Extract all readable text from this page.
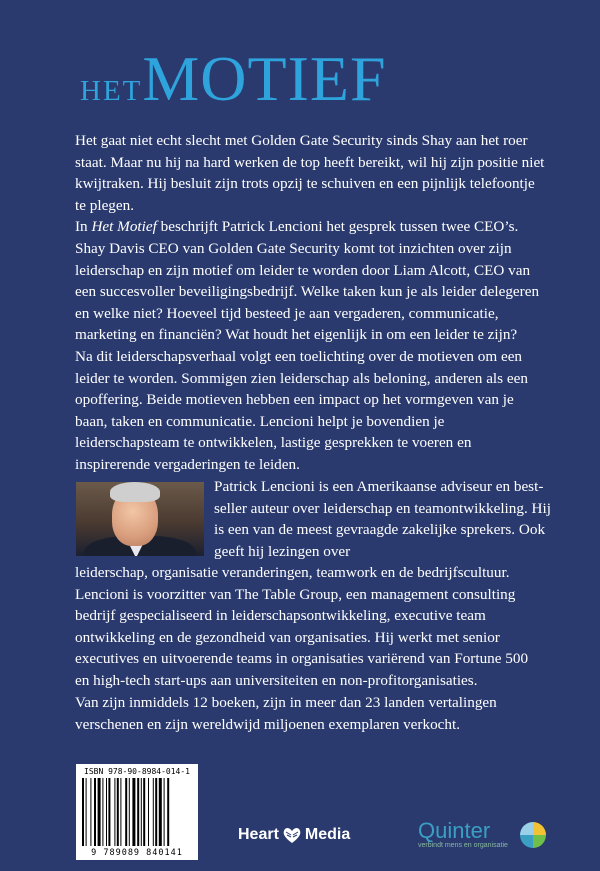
HETMOTIEF
Het gaat niet echt slecht met Golden Gate Security sinds Shay aan het roer staat. Maar nu hij na hard werken de top heeft bereikt, wil hij zijn positie niet kwijtraken. Hij besluit zijn trots opzij te schuiven en een pijnlijk telefoontje te plegen.
In Het Motief beschrijft Patrick Lencioni het gesprek tussen twee CEO’s. Shay Davis CEO van Golden Gate Security komt tot inzichten over zijn leiderschap en zijn motief om leider te worden door Liam Alcott, CEO van een succesvoller beveiligingsbedrijf. Welke taken kun je als leider delegeren en welke niet? Hoeveel tijd besteed je aan vergaderen, communicatie, marketing en financiën? Wat houdt het eigenlijk in om een leider te zijn?
Na dit leiderschapsverhaal volgt een toelichting over de motieven om een leider te worden. Sommigen zien leiderschap als beloning, anderen als een opoffering. Beide motieven hebben een impact op het vormgeven van je baan, taken en communicatie. Lencioni helpt je bovendien je leiderschapsteam te ontwikkelen, lastige gesprekken te voeren en inspirerende vergaderingen te leiden.

Patrick Lencioni is een Amerikaanse adviseur en best-seller auteur over leiderschap en teamontwikkeling. Hij is een van de meest gevraagde zakelijke sprekers. Ook geeft hij lezingen over

leiderschap, organisatie veranderingen, teamwork en de bedrijfscultuur. Lencioni is voorzitter van The Table Group, een management consulting bedrijf gespecialiseerd in leiderschapsontwikkeling, executive team ontwikkeling en de gezondheid van organisaties. Hij werkt met senior executives en uitvoerende teams in organisaties variërend van Fortune 500 en high-tech start-ups aan universiteiten en non-profitorganisaties.

Van zijn inmiddels 12 boeken, zijn in meer dan 23 landen vertalingen verschenen en zijn wereldwijd miljoenen exemplaren verkocht.

ISBN 978-90-8984-014-1
9 789089 840141
Heart Media	Quinter
verbindt mens en organisatie
